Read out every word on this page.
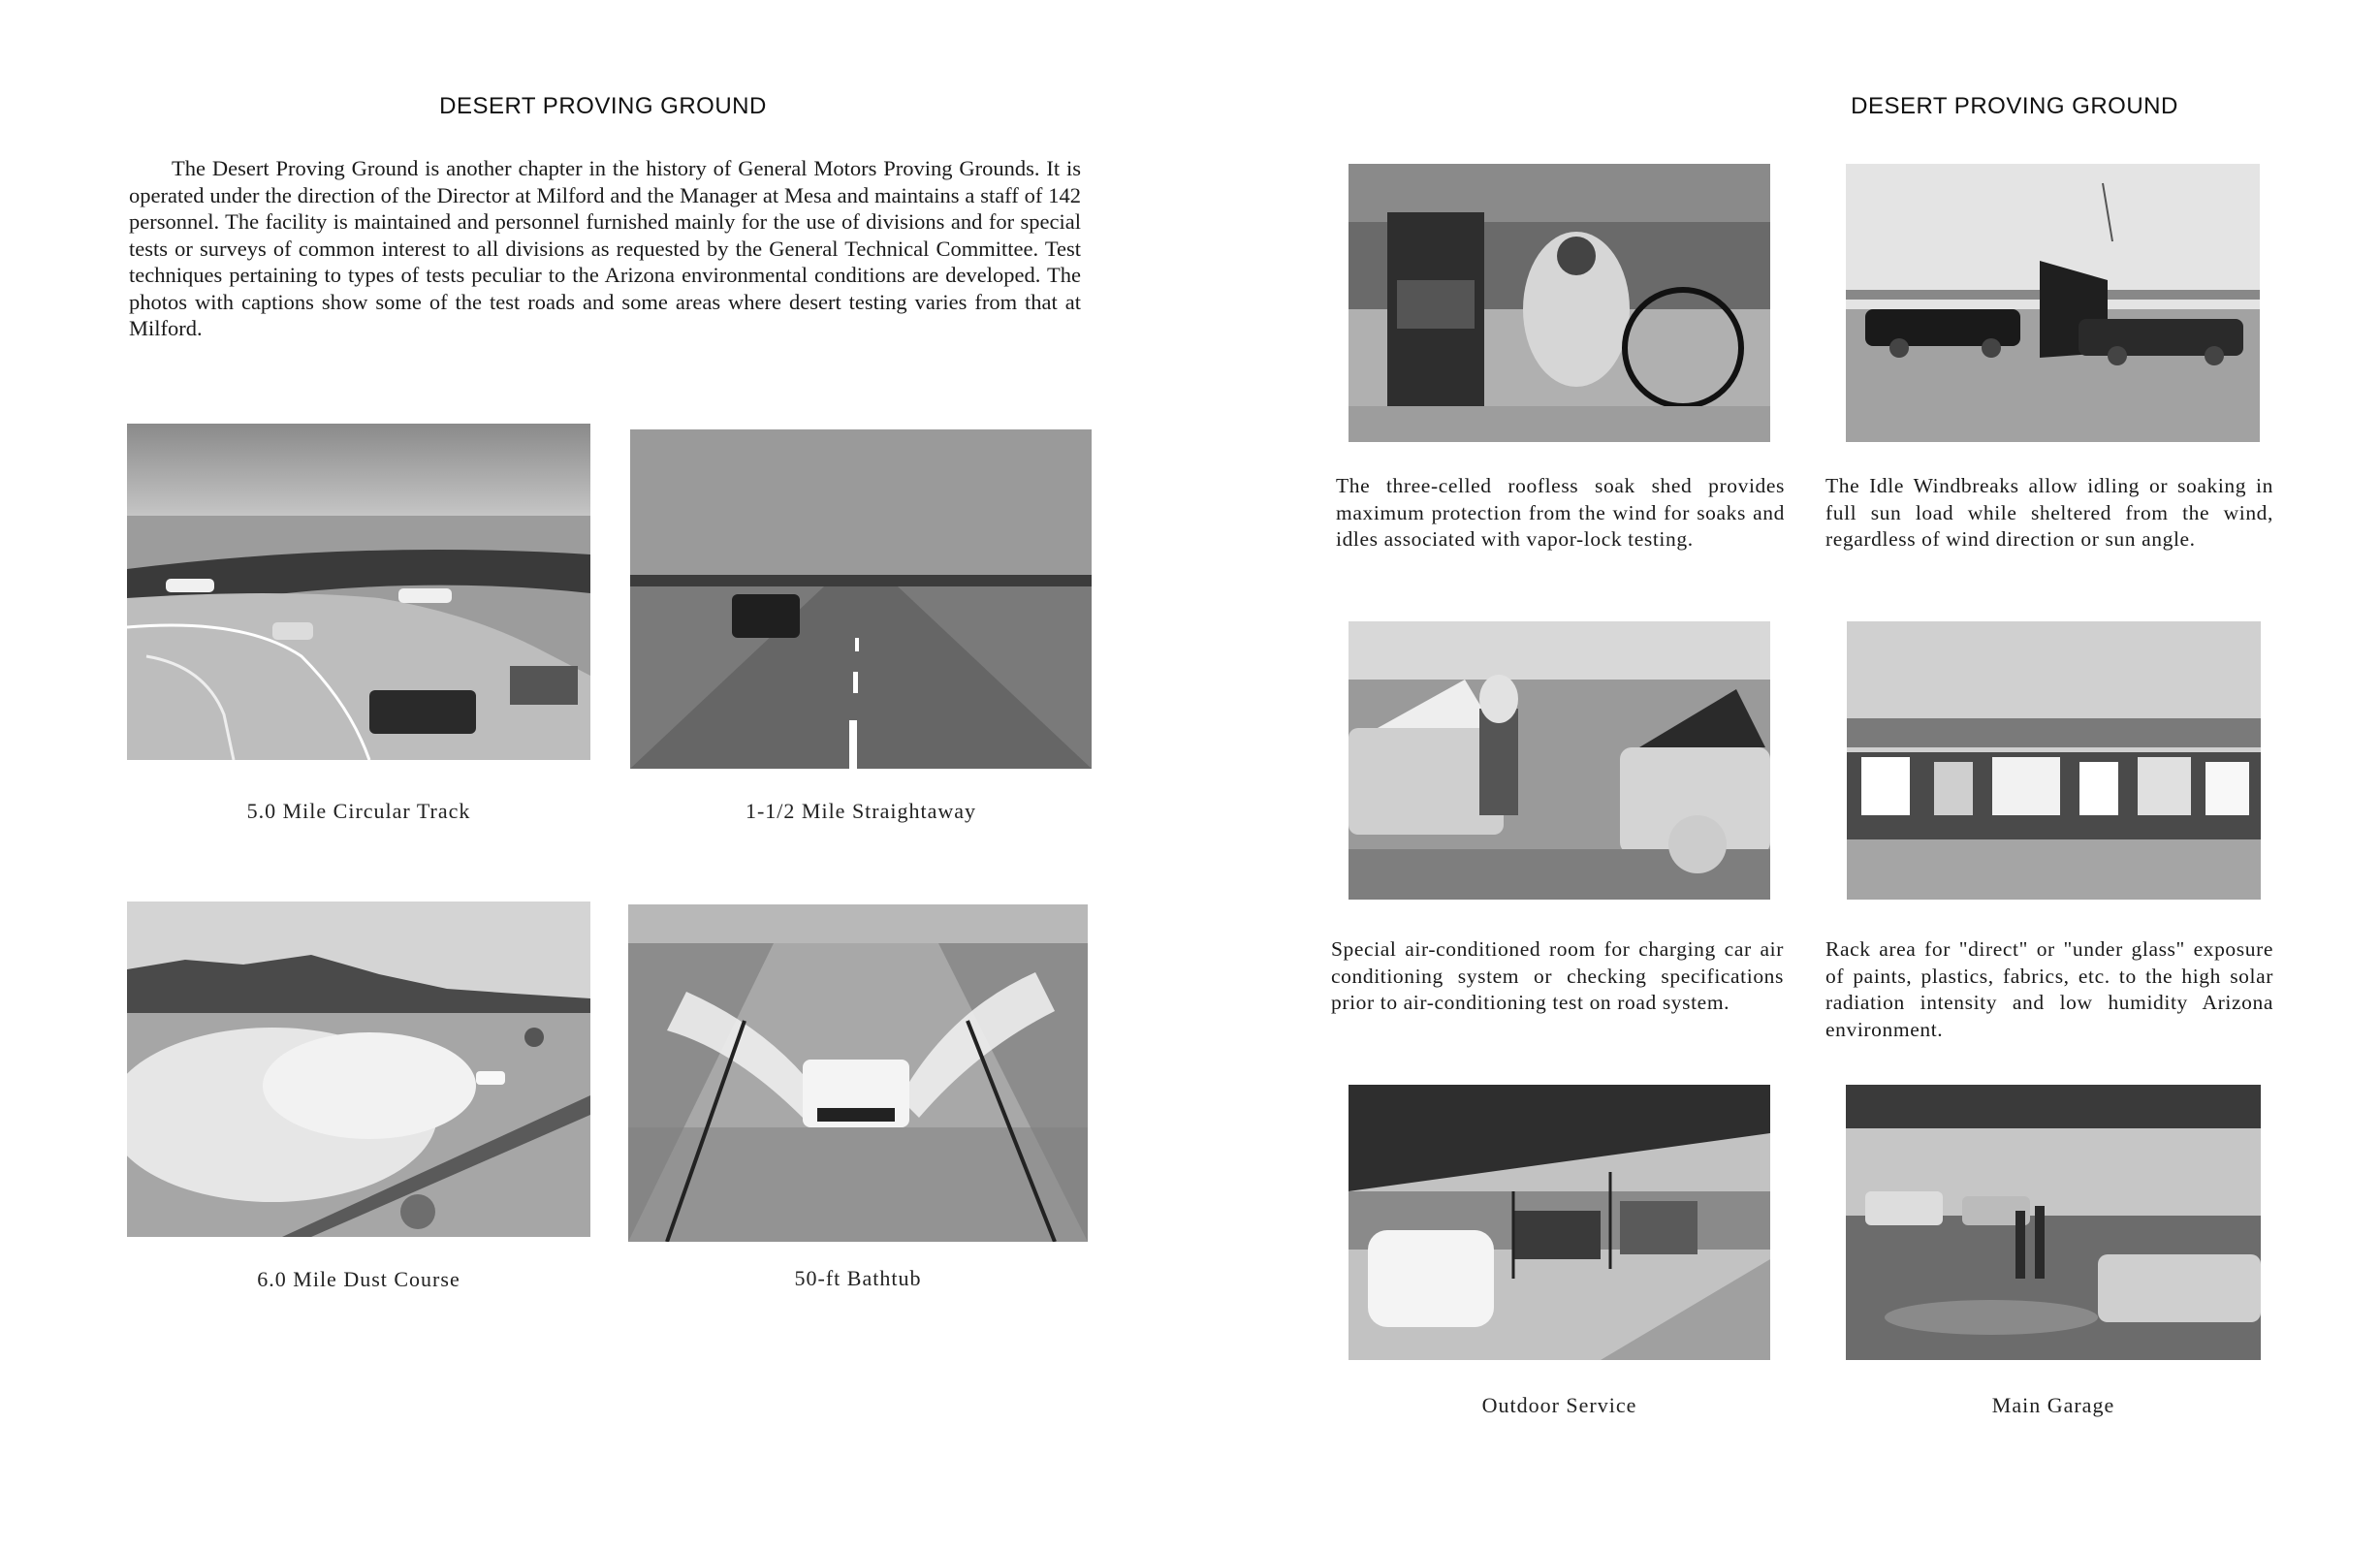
DESERT PROVING GROUND

The Desert Proving Ground is another chapter in the history of General Motors Proving Grounds. It is operated under the direction of the Director at Milford and the Manager at Mesa and maintains a staff of 142 personnel. The facility is maintained and personnel furnished mainly for the use of divisions and for special tests or surveys of common interest to all divisions as requested by the General Technical Committee. Test techniques pertaining to types of tests peculiar to the Arizona environmental conditions are developed. The photos with captions show some of the test roads and some areas where desert testing varies from that at Milford.

5.0 Mile Circular Track	1-1/2 Mile Straightaway
6.0 Mile Dust Course	50-ft Bathtub
DESERT PROVING GROUND

The three-celled roofless soak shed provides maximum protection from the wind for soaks and idles associated with vapor-lock testing.

The Idle Windbreaks allow idling or soaking in full sun load while sheltered from the wind, regardless of wind direction or sun angle.

Special air-conditioned room for charging car air conditioning system or checking specifications prior to air-conditioning test on road system.

Rack area for "direct" or "under glass" exposure of paints, plastics, fabrics, etc. to the high solar radiation intensity and low humidity Arizona environment.

Outdoor Service	Main Garage
